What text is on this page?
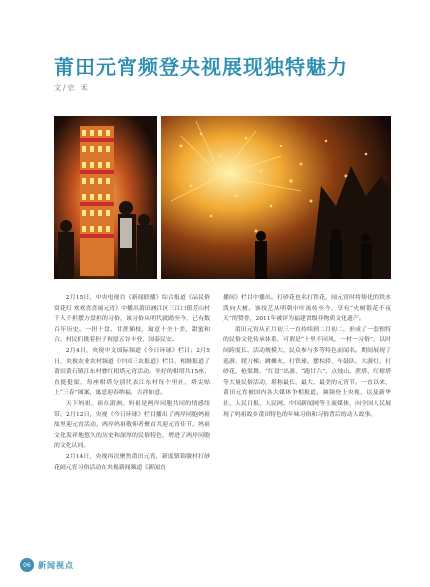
莆田元宵频登央视展现独特魅力
文/宗 禾

2月15日，中央电视台《新闻联播》综合报道《品民俗赏花灯 欢欢喜喜闹元宵》中播出莆田涵江区三江口镇芳山村千人千担摆方盘担的习俗，该习俗从明代就踏至今，已有数百年历史。一担十盘，甘蔗插枝，寓意十全十美，甜蜜和合。村民们挑着担子祝愿五谷丰登、国泰民安。

2月4日，央视中文国际频道《今日环球》栏目；2月5日，央视农业农村频道《中国三农报道》栏目，相继报道了莆田黄石镇江东村叠红柑塔元宵活动。坐好的柑塔共15座，直挺挺梁，每座柑塔分别代表江东村每个里社，塔尖贴上“三春”图案，寓意迎春纳福，吉祥如意。

天下妈祖，祖在湄洲。妈祖是两岸同胞共同的情感纽带。2月12日，央视《今日环球》栏目播出了两岸同胞妈祖故里迎元宵活动，两岸妈祖敬仰者聚首共迎元宵佳节。妈祖文化发祥地悠久的历史和深厚的民俗特色，增进了两岸同胞的文化认同。

2月14日，央视再次聚焦莆田元宵，新度镇锦墩村打砂花闹元宵习俗活动在央视新闻频道《新闻直

播间》栏目中播出。打砂花也名打铁花，闹元宵时将熔化的铁水泼向大树。该技艺从明朝中叶流传至今，享有“火树银花不夜天”的赞誉，2011年被评为福建省级非物质文化遗产。

莆田元宵从正月初三一直持续到二月初二，形成了一套独特的民俗文化传承体系，可谓是“十里不同风，一村一习俗”，以时间跨度长、活动规模大、民众参与多等特色而闻名。期间展现了巡游、爬刀梯、跳傩火、打铁球、摆棕轿、车鼓队、大游灯、打砂花、枪渠舞、“红盘”出游、“跑甘六”、点烛山、蔗塔、红柑塔等大量民俗活动，堪称最长、最大、最美的元宵节。一直以来，莆田元宵被国内各大媒体争相报道，频频登上央视，以及新华社、人民日报、人民网、中国新闻网等主流媒体，向全国人民展现了妈祖故乡莆田特色的年味习俗和习俗背后的动人故事。

06 新闻视点
